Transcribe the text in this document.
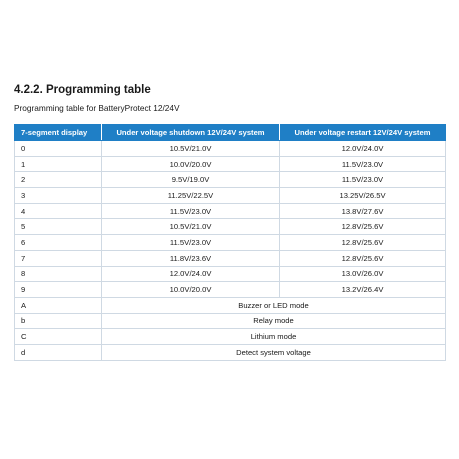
4.2.2. Programming table

Programming table for BatteryProtect 12/24V

7-segment display	Under voltage shutdown 12V/24V system	Under voltage restart 12V/24V system
0	10.5V/21.0V	12.0V/24.0V
1	10.0V/20.0V	11.5V/23.0V
2	9.5V/19.0V	11.5V/23.0V
3	11.25V/22.5V	13.25V/26.5V
4	11.5V/23.0V	13.8V/27.6V
5	10.5V/21.0V	12.8V/25.6V
6	11.5V/23.0V	12.8V/25.6V
7	11.8V/23.6V	12.8V/25.6V
8	12.0V/24.0V	13.0V/26.0V
9	10.0V/20.0V	13.2V/26.4V
A	Buzzer or LED mode	
b	Relay mode	
C	Lithium mode	
d	Detect system voltage	
